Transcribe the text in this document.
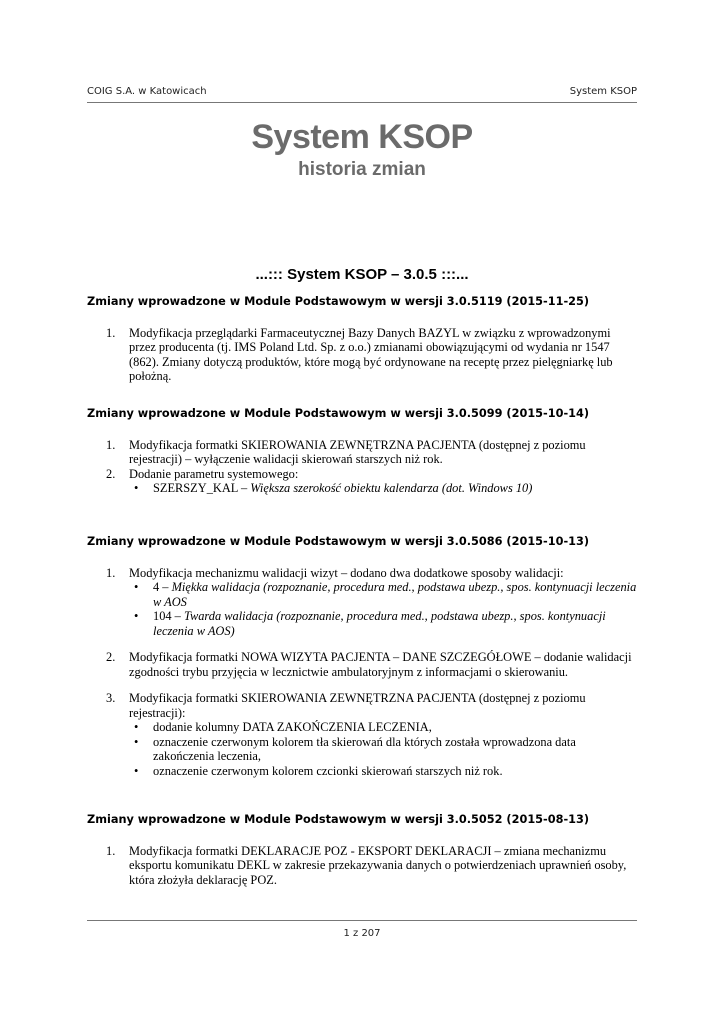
COIG S.A. w Katowicach	System KSOP
System KSOP
historia zmian
...::: System KSOP – 3.0.5 :::...

Zmiany wprowadzone w Module Podstawowym w wersji 3.0.5119 (2015-11-25)

1. Modyfikacja przeglądarki Farmaceutycznej Bazy Danych BAZYL w związku z wprowadzonymi przez producenta (tj. IMS Poland Ltd. Sp. z o.o.) zmianami obowiązującymi od wydania nr 1547 (862). Zmiany dotyczą produktów, które mogą być ordynowane na receptę przez pielęgniarkę lub położną.

Zmiany wprowadzone w Module Podstawowym w wersji 3.0.5099 (2015-10-14)

1. Modyfikacja formatki SKIEROWANIA ZEWNĘTRZNA PACJENTA (dostępnej z poziomu rejestracji) – wyłączenie walidacji skierowań starszych niż rok.
2. Dodanie parametru systemowego:
• SZERSZY_KAL – Większa szerokość obiektu kalendarza (dot. Windows 10)

Zmiany wprowadzone w Module Podstawowym w wersji 3.0.5086 (2015-10-13)

1. Modyfikacja mechanizmu walidacji wizyt – dodano dwa dodatkowe sposoby walidacji:
• 4 – Miękka walidacja (rozpoznanie, procedura med., podstawa ubezp., spos. kontynuacji leczenia w AOS
• 104 – Twarda walidacja (rozpoznanie, procedura med., podstawa ubezp., spos. kontynuacji leczenia w AOS)
2. Modyfikacja formatki NOWA WIZYTA PACJENTA – DANE SZCZEGÓŁOWE – dodanie walidacji zgodności trybu przyjęcia w lecznictwie ambulatoryjnym z informacjami o skierowaniu.
3. Modyfikacja formatki SKIEROWANIA ZEWNĘTRZNA PACJENTA (dostępnej z poziomu rejestracji):
• dodanie kolumny DATA ZAKOŃCZENIA LECZENIA,
• oznaczenie czerwonym kolorem tła skierowań dla których została wprowadzona data zakończenia leczenia,
• oznaczenie czerwonym kolorem czcionki skierowań starszych niż rok.

Zmiany wprowadzone w Module Podstawowym w wersji 3.0.5052 (2015-08-13)

1. Modyfikacja formatki DEKLARACJE POZ - EKSPORT DEKLARACJI – zmiana mechanizmu eksportu komunikatu DEKL w zakresie przekazywania danych o potwierdzeniach uprawnień osoby, która złożyła deklarację POZ.
1 z 207
